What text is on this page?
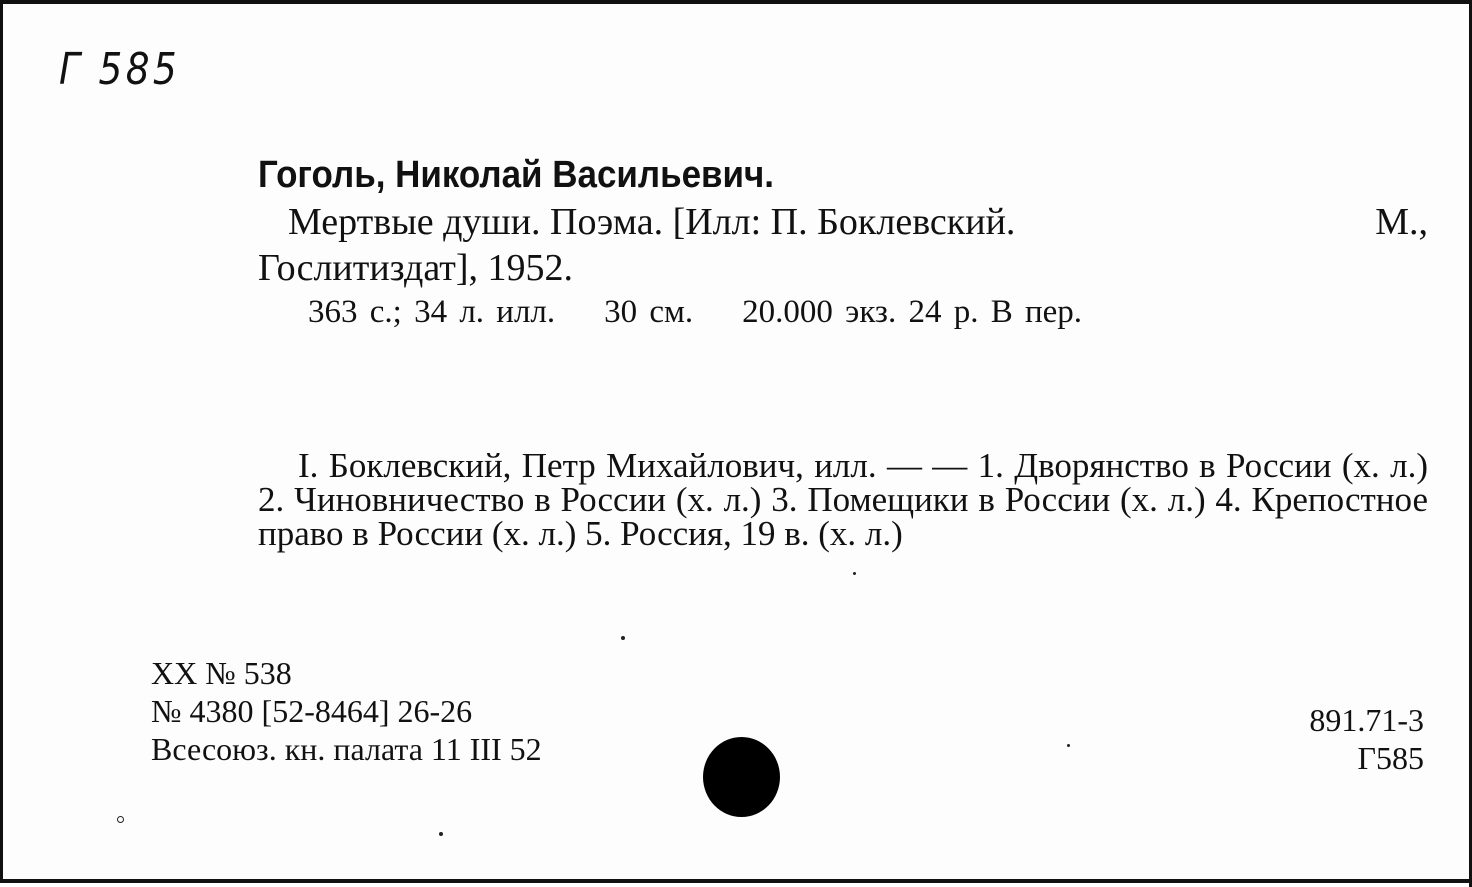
Г 585
Гоголь, Николай Васильевич.
Мертвые души. Поэма. [Илл: П. Боклевский.	М.,
Гослитиздат], 1952.
363 с.; 34 л. илл.    30 см.    20.000 экз. 24 р. В пер.
I. Боклевский, Петр Михайлович, илл. — — 1. Дворянство в России (х. л.) 2. Чиновничество в России (х. л.) 3. Помещики в России (х. л.) 4. Крепостное право в России (х. л.) 5. Россия, 19 в. (х. л.)
XX № 538
№ 4380 [52-8464] 26-26
Всесоюз. кн. палата 11 III 52
891.71-3
Г585
